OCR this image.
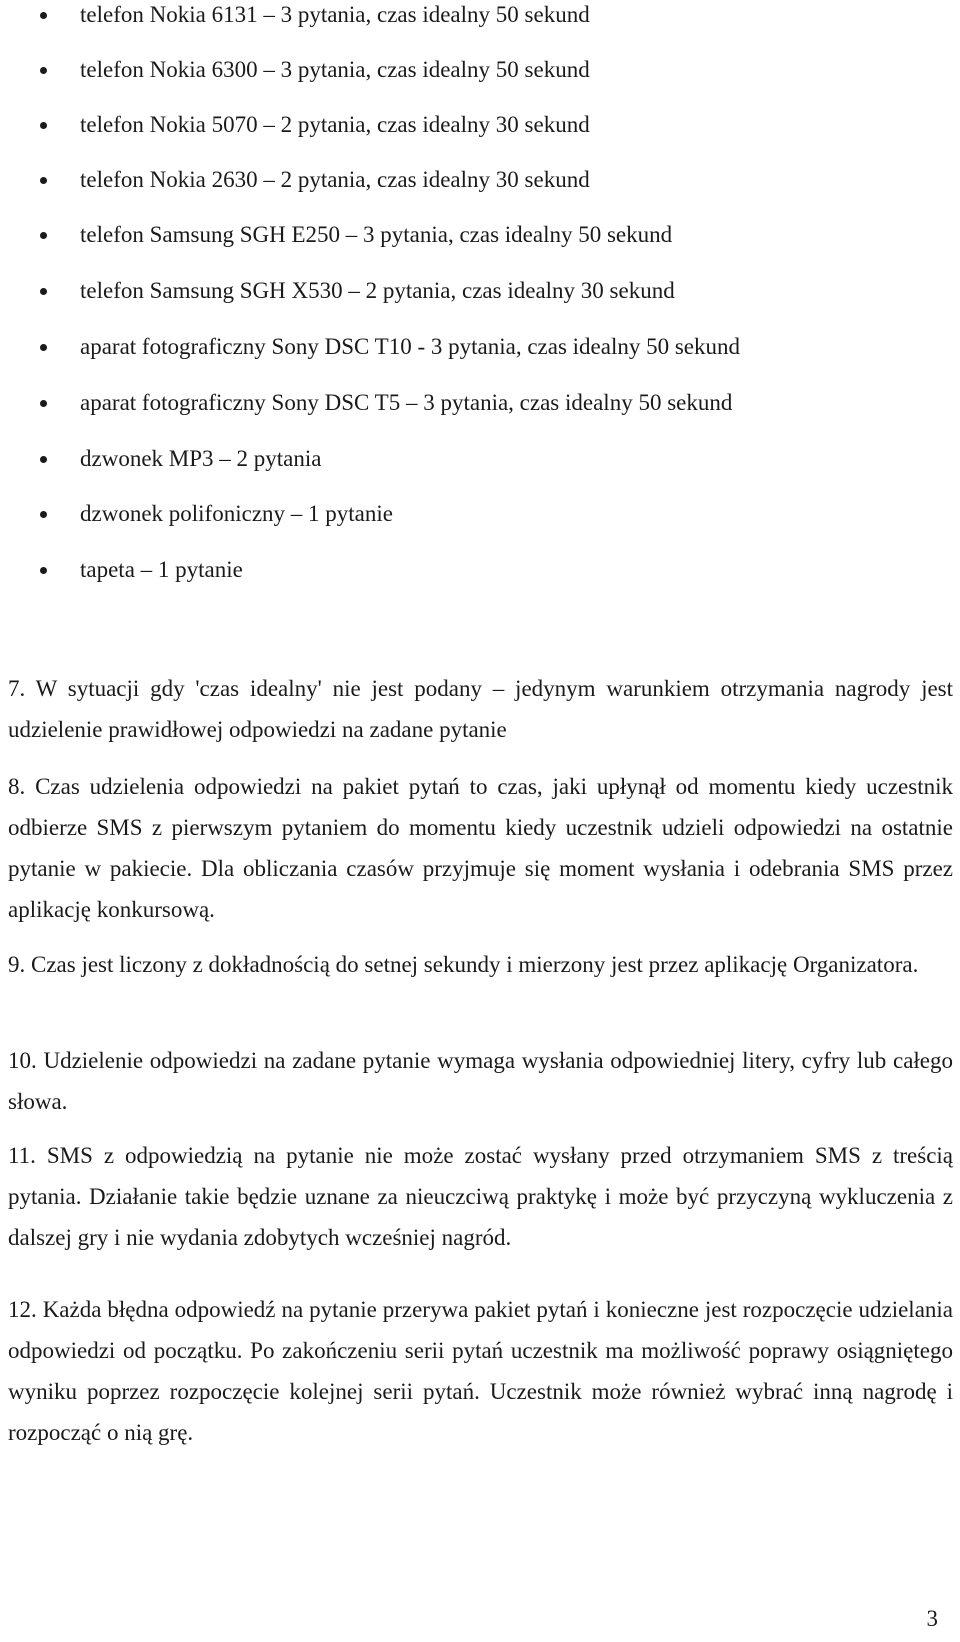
telefon Nokia 6131 – 3 pytania, czas idealny 50 sekund
telefon Nokia 6300 – 3 pytania, czas idealny 50 sekund
telefon Nokia 5070 – 2 pytania, czas idealny 30 sekund
telefon Nokia 2630 – 2 pytania, czas idealny 30 sekund
telefon Samsung SGH E250 – 3 pytania, czas idealny 50 sekund
telefon Samsung SGH X530 – 2 pytania, czas idealny 30 sekund
aparat fotograficzny Sony DSC T10 - 3 pytania, czas idealny 50 sekund
aparat fotograficzny Sony DSC T5 – 3 pytania, czas idealny 50 sekund
dzwonek MP3 – 2 pytania
dzwonek polifoniczny – 1 pytanie
tapeta – 1 pytanie

7. W sytuacji gdy 'czas idealny' nie jest podany – jedynym warunkiem otrzymania nagrody jest udzielenie prawidłowej odpowiedzi na zadane pytanie

8. Czas udzielenia odpowiedzi na pakiet pytań to czas, jaki upłynął od momentu kiedy uczestnik odbierze SMS z pierwszym pytaniem do momentu kiedy uczestnik udzieli odpowiedzi na ostatnie pytanie w pakiecie. Dla obliczania czasów przyjmuje się moment wysłania i odebrania SMS przez aplikację konkursową.

9. Czas jest liczony z dokładnością do setnej sekundy i mierzony jest przez aplikację Organizatora.

10. Udzielenie odpowiedzi na zadane pytanie wymaga wysłania odpowiedniej litery, cyfry lub całego słowa.

11. SMS z odpowiedzią na pytanie nie może zostać wysłany przed otrzymaniem SMS z treścią pytania. Działanie takie będzie uznane za nieuczciwą praktykę i może być przyczyną wykluczenia z dalszej gry i nie wydania zdobytych wcześniej nagród.

12. Każda błędna odpowiedź na pytanie przerywa pakiet pytań i konieczne jest rozpoczęcie udzielania odpowiedzi od początku. Po zakończeniu serii pytań uczestnik ma możliwość poprawy osiągniętego wyniku poprzez rozpoczęcie kolejnej serii pytań. Uczestnik może również wybrać inną nagrodę i rozpocząć o nią grę.

3
